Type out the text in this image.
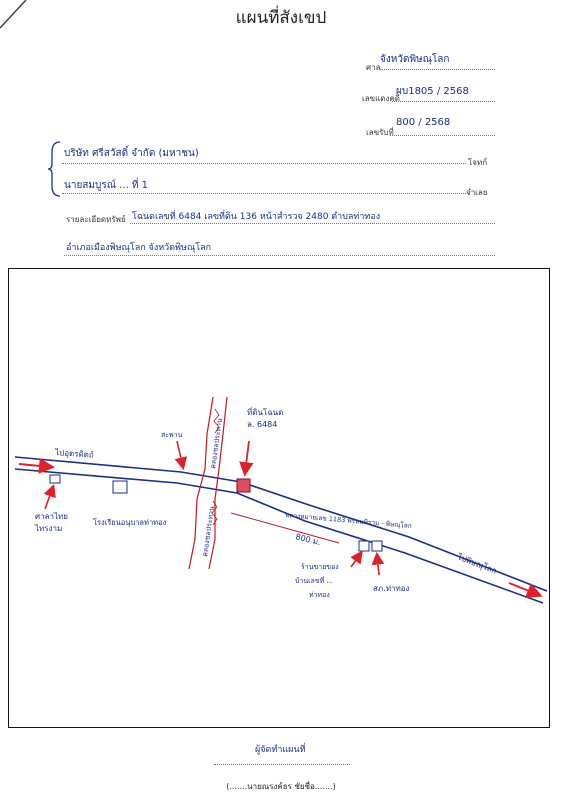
แผนที่สังเขป
ศาล
จังหวัดพิษณุโลก
เลขแดงคดี
ผบ1805 / 2568
เลขรับที่
800 / 2568
บริษัท ศรีสวัสดิ์ จำกัด (มหาชน)
โจทก์
นายสมบูรณ์ ... ที่ 1
จำเลย
รายละเอียดทรัพย์ โฉนดเลขที่ 6484 เลขที่ดิน 136 หน้าสำรวจ 2480 ตำบลท่าทอง
อำเภอเมืองพิษณุโลก จังหวัดพิษณุโลก
ไปอุตรดิตถ์
ไปพิษณุโลก
ที่ดินโฉนด
ล. 6484
คลองชลประทาน
คลองชลประทาน
สะพาน
ศาลาไทย
ไทรงาม
โรงเรียนอนุบาลท่าทอง	หลวงหมายเลข 1183 พรหมพิราม - พิษณุโลก
800 ม.
ร้านขายของ
บ้านเลขที่ ...
ท่าทอง
สภ.ท่าทอง
ผู้จัดทำแผนที่
(.......นายณรงค์ธร ชัยชื่อ.......)
